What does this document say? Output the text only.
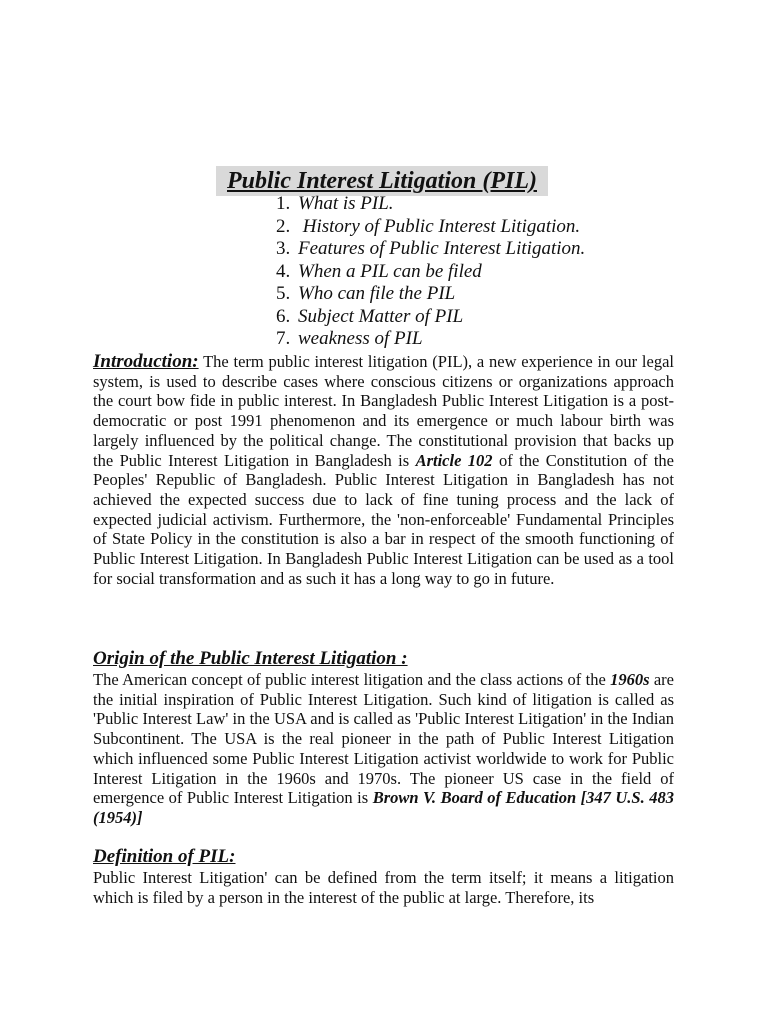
Public Interest Litigation (PIL)
1. What is PIL.
2. History of Public Interest Litigation.
3. Features of Public Interest Litigation.
4. When a PIL can be filed
5. Who can file the PIL
6. Subject Matter of PIL
7. weakness of PIL

Introduction: The term public interest litigation (PIL), a new experience in our legal system, is used to describe cases where conscious citizens or organizations approach the court bow fide in public interest. In Bangladesh Public Interest Litigation is a post-democratic or post 1991 phenomenon and its emergence or much labour birth was largely influenced by the political change. The constitutional provision that backs up the Public Interest Litigation in Bangladesh is Article 102 of the Constitution of the Peoples' Republic of Bangladesh. Public Interest Litigation in Bangladesh has not achieved the expected success due to lack of fine tuning process and the lack of expected judicial activism. Furthermore, the 'non-enforceable' Fundamental Principles of State Policy in the constitution is also a bar in respect of the smooth functioning of Public Interest Litigation. In Bangladesh Public Interest Litigation can be used as a tool for social transformation and as such it has a long way to go in future.

Origin of the Public Interest Litigation :

The American concept of public interest litigation and the class actions of the 1960s are the initial inspiration of Public Interest Litigation. Such kind of litigation is called as 'Public Interest Law' in the USA and is called as 'Public Interest Litigation' in the Indian Subcontinent. The USA is the real pioneer in the path of Public Interest Litigation which influenced some Public Interest Litigation activist worldwide to work for Public Interest Litigation in the 1960s and 1970s. The pioneer US case in the field of emergence of Public Interest Litigation is Brown V. Board of Education [347 U.S. 483 (1954)]

Definition of PIL:

Public Interest Litigation' can be defined from the term itself; it means a litigation which is filed by a person in the interest of the public at large. Therefore, its
